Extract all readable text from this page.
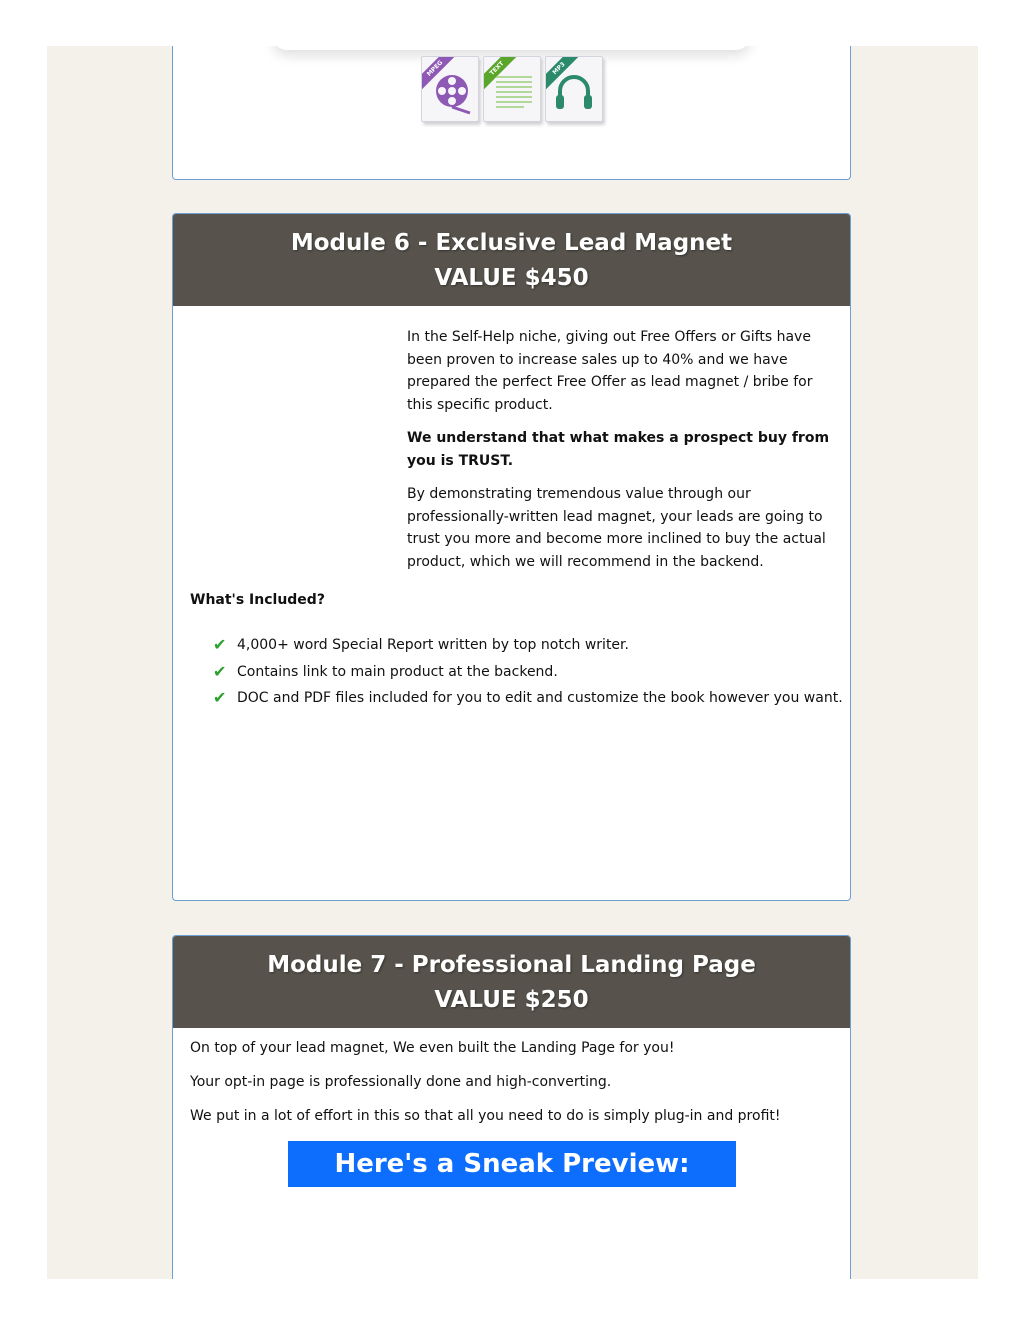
MPEG	TEXT	MP3
Module 6 - Exclusive Lead Magnet
VALUE $450

In the Self-Help niche, giving out Free Offers or Gifts have been proven to increase sales up to 40% and we have prepared the perfect Free Offer as lead magnet / bribe for this specific product.

We understand that what makes a prospect buy from you is TRUST.

By demonstrating tremendous value through our professionally-written lead magnet, your leads are going to trust you more and become more inclined to buy the actual product, which we will recommend in the backend.

What's Included?
✔ 4,000+ word Special Report written by top notch writer.
✔ Contains link to main product at the backend.
✔ DOC and PDF files included for you to edit and customize the book however you want.
Module 7 - Professional Landing Page
VALUE $250

On top of your lead magnet, We even built the Landing Page for you!

Your opt-in page is professionally done and high-converting.

We put in a lot of effort in this so that all you need to do is simply plug-in and profit!

Here's a Sneak Preview:
